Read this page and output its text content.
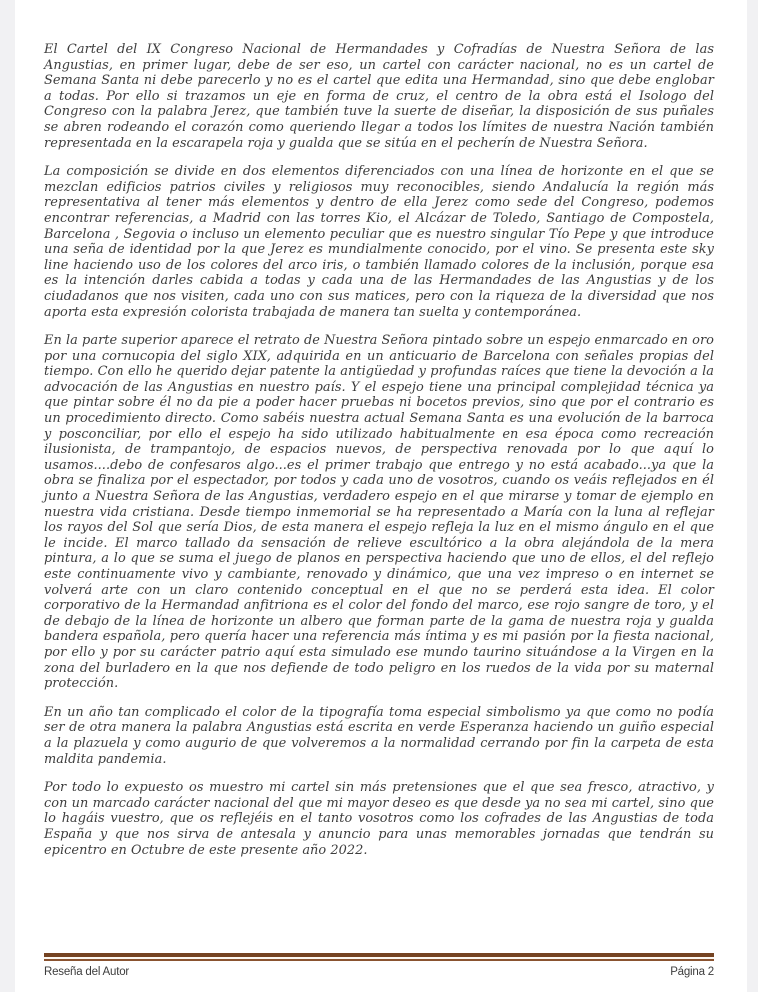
El Cartel del IX Congreso Nacional de Hermandades y Cofradías de Nuestra Señora de las Angustias, en primer lugar, debe de ser eso, un cartel con carácter nacional, no es un cartel de Semana Santa ni debe parecerlo y no es el cartel que edita una Hermandad, sino que debe englobar a todas. Por ello si trazamos un eje en forma de cruz, el centro de la obra está el Isologo del Congreso con la palabra Jerez, que también tuve la suerte de diseñar, la disposición de sus puñales se abren rodeando el corazón como queriendo llegar a todos los límites de nuestra Nación también representada en la escarapela roja y gualda que se sitúa en el pecherín de Nuestra Señora.

La composición se divide en dos elementos diferenciados con una línea de horizonte en el que se mezclan edificios patrios civiles y religiosos muy reconocibles, siendo Andalucía la región más representativa al tener más elementos y dentro de ella Jerez como sede del Congreso, podemos encontrar referencias, a Madrid con las torres Kio, el Alcázar de Toledo, Santiago de Compostela, Barcelona , Segovia o incluso un elemento peculiar que es nuestro singular Tío Pepe y que introduce una seña de identidad por la que Jerez es mundialmente conocido, por el vino. Se presenta este sky line haciendo uso de los colores del arco iris, o también llamado colores de la inclusión, porque esa es la intención darles cabida a todas y cada una de las Hermandades de las Angustias y de los ciudadanos que nos visiten, cada uno con sus matices, pero con la riqueza de la diversidad que nos aporta esta expresión colorista trabajada de manera tan suelta y contemporánea.

En la parte superior aparece el retrato de Nuestra Señora pintado sobre un espejo enmarcado en oro por una cornucopia del siglo XIX, adquirida en un anticuario de Barcelona con señales propias del tiempo. Con ello he querido dejar patente la antigüedad y profundas raíces que tiene la devoción a la advocación de las Angustias en nuestro país. Y el espejo tiene una principal complejidad técnica ya que pintar sobre él no da pie a poder hacer pruebas ni bocetos previos, sino que por el contrario es un procedimiento directo. Como sabéis nuestra actual Semana Santa es una evolución de la barroca y posconciliar, por ello el espejo ha sido utilizado habitualmente en esa época como recreación ilusionista, de trampantojo, de espacios nuevos, de perspectiva renovada por lo que aquí lo usamos....debo de confesaros algo...es el primer trabajo que entrego y no está acabado...ya que la obra se finaliza por el espectador, por todos y cada uno de vosotros, cuando os veáis reflejados en él junto a Nuestra Señora de las Angustias, verdadero espejo en el que mirarse y tomar de ejemplo en nuestra vida cristiana. Desde tiempo inmemorial se ha representado a María con la luna al reflejar los rayos del Sol que sería Dios, de esta manera el espejo refleja la luz en el mismo ángulo en el que le incide. El marco tallado da sensación de relieve escultórico a la obra alejándola de la mera pintura, a lo que se suma el juego de planos en perspectiva haciendo que uno de ellos, el del reflejo este continuamente vivo y cambiante, renovado y dinámico, que una vez impreso o en internet se volverá arte con un claro contenido conceptual en el que no se perderá esta idea. El color corporativo de la Hermandad anfitriona es el color del fondo del marco, ese rojo sangre de toro, y el de debajo de la línea de horizonte un albero que forman parte de la gama de nuestra roja y gualda bandera española, pero quería hacer una referencia más íntima y es mi pasión por la fiesta nacional, por ello y por su carácter patrio aquí esta simulado ese mundo taurino situándose a la Virgen en la zona del burladero en la que nos defiende de todo peligro en los ruedos de la vida por su maternal protección.

En un año tan complicado el color de la tipografía toma especial simbolismo ya que como no podía ser de otra manera la palabra Angustias está escrita en verde Esperanza haciendo un guiño especial a la plazuela y como augurio de que volveremos a la normalidad cerrando por fin la carpeta de esta maldita pandemia.

Por todo lo expuesto os muestro mi cartel sin más pretensiones que el que sea fresco, atractivo, y con un marcado carácter nacional del que mi mayor deseo es que desde ya no sea mi cartel, sino que lo hagáis vuestro, que os reflejéis en el tanto vosotros como los cofrades de las Angustias de toda España y que nos sirva de antesala y anuncio para unas memorables jornadas que tendrán su epicentro en Octubre de este presente año 2022.

Reseña del Autor	Página 2
